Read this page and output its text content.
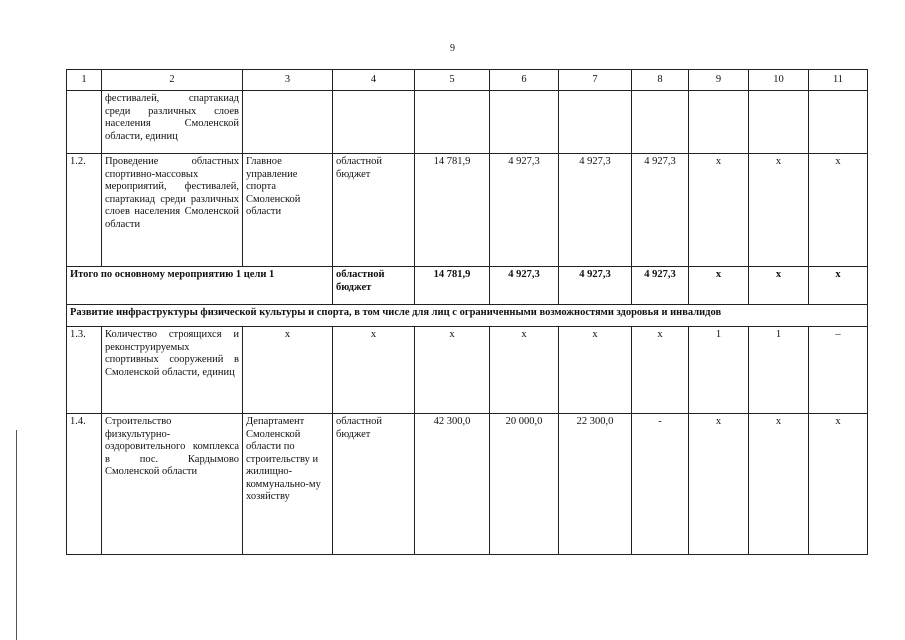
9
1	2	3	4	5	6	7	8	9	10	11
	фестивалей, спартакиад среди различных слоев населения Смоленской области, единиц									
1.2.	Проведение областных спортивно-массовых мероприятий, фестивалей, спартакиад среди различных слоев населения Смоленской области	Главное управление спорта Смоленской области	областной бюджет	14 781,9	4 927,3	4 927,3	4 927,3	x	x	x
Итого по основному мероприятию 1 цели 1			областной бюджет	14 781,9	4 927,3	4 927,3	4 927,3	x	x	x
Развитие инфраструктуры физической культуры и спорта, в том числе для лиц с ограниченными возможностями здоровья и инвалидов										
1.3.	Количество строящихся и реконструируемых спортивных сооружений в Смоленской области, единиц	x	x	x	x	x	x	1	1	–
1.4.	Строительство физкультурно-оздоровительного комплекса в пос. Кардымово Смоленской области	Департамент Смоленской области по строительству и жилищно-коммунально-му хозяйству	областной бюджет	42 300,0	20 000,0	22 300,0	-	x	x	x
